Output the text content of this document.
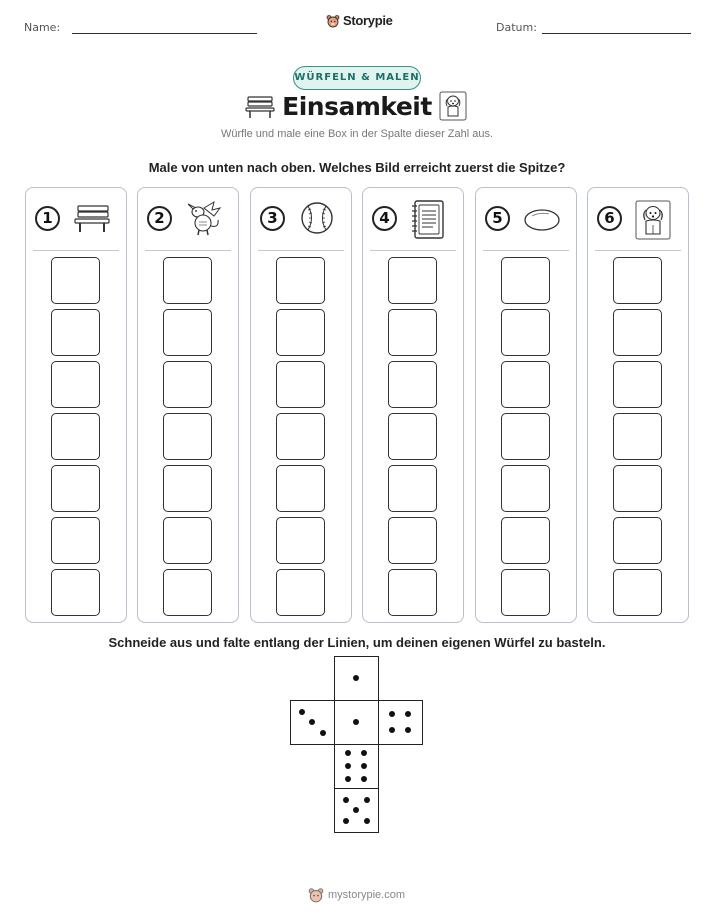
Name:	Storypie	Datum:
WÜRFELN & MALEN
Einsamkeit
Würfle und male eine Box in der Spalte dieser Zahl aus.
Male von unten nach oben. Welches Bild erreicht zuerst die Spitze?
1	2	3	4	5	6
Schneide aus und falte entlang der Linien, um deinen eigenen Würfel zu basteln.
mystorypie.com
